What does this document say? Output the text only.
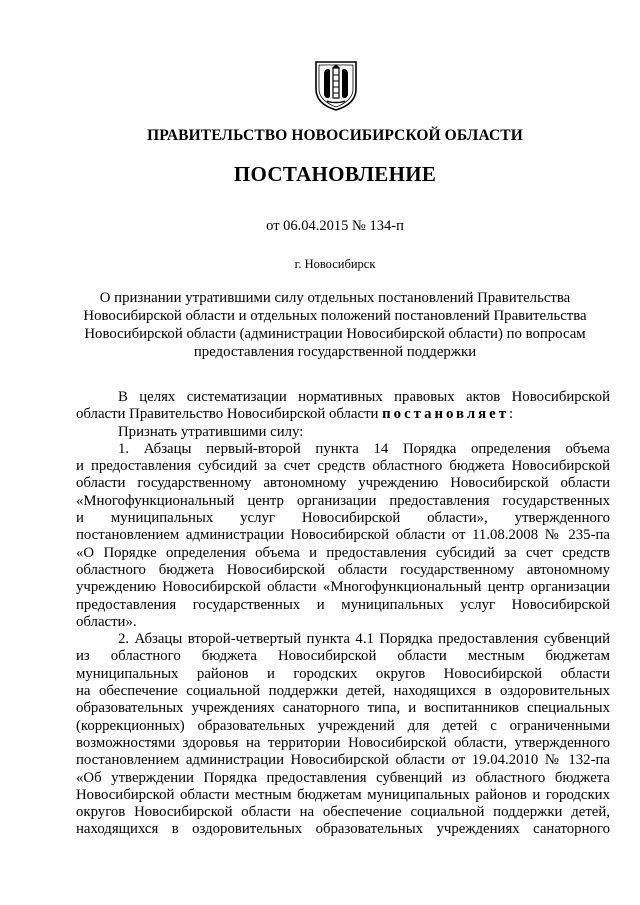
ПРАВИТЕЛЬСТВО НОВОСИБИРСКОЙ ОБЛАСТИ
ПОСТАНОВЛЕНИЕ
от 06.04.2015 № 134-п
г. Новосибирск
О признании утратившими силу отдельных постановлений Правительства
Новосибирской области и отдельных положений постановлений Правительства
Новосибирской области (администрации Новосибирской области) по вопросам
предоставления государственной поддержки
В целях систематизации нормативных правовых актов Новосибирской
области Правительство Новосибирской области постановляет:
Признать утратившими силу:
1. Абзацы первый-второй пункта 14 Порядка определения объема
и предоставления субсидий за счет средств областного бюджета Новосибирской
области государственному автономному учреждению Новосибирской области
«Многофункциональный центр организации предоставления государственных
и муниципальных услуг Новосибирской области», утвержденного
постановлением администрации Новосибирской области от 11.08.2008 № 235-па
«О Порядке определения объема и предоставления субсидий за счет средств
областного бюджета Новосибирской области государственному автономному
учреждению Новосибирской области «Многофункциональный центр организации
предоставления государственных и муниципальных услуг Новосибирской
области».
2. Абзацы второй-четвертый пункта 4.1 Порядка предоставления субвенций
из областного бюджета Новосибирской области местным бюджетам
муниципальных районов и городских округов Новосибирской области
на обеспечение социальной поддержки детей, находящихся в оздоровительных
образовательных учреждениях санаторного типа, и воспитанников специальных
(коррекционных) образовательных учреждений для детей с ограниченными
возможностями здоровья на территории Новосибирской области, утвержденного
постановлением администрации Новосибирской области от 19.04.2010 № 132-па
«Об утверждении Порядка предоставления субвенций из областного бюджета
Новосибирской области местным бюджетам муниципальных районов и городских
округов Новосибирской области на обеспечение социальной поддержки детей,
находящихся в оздоровительных образовательных учреждениях санаторного
